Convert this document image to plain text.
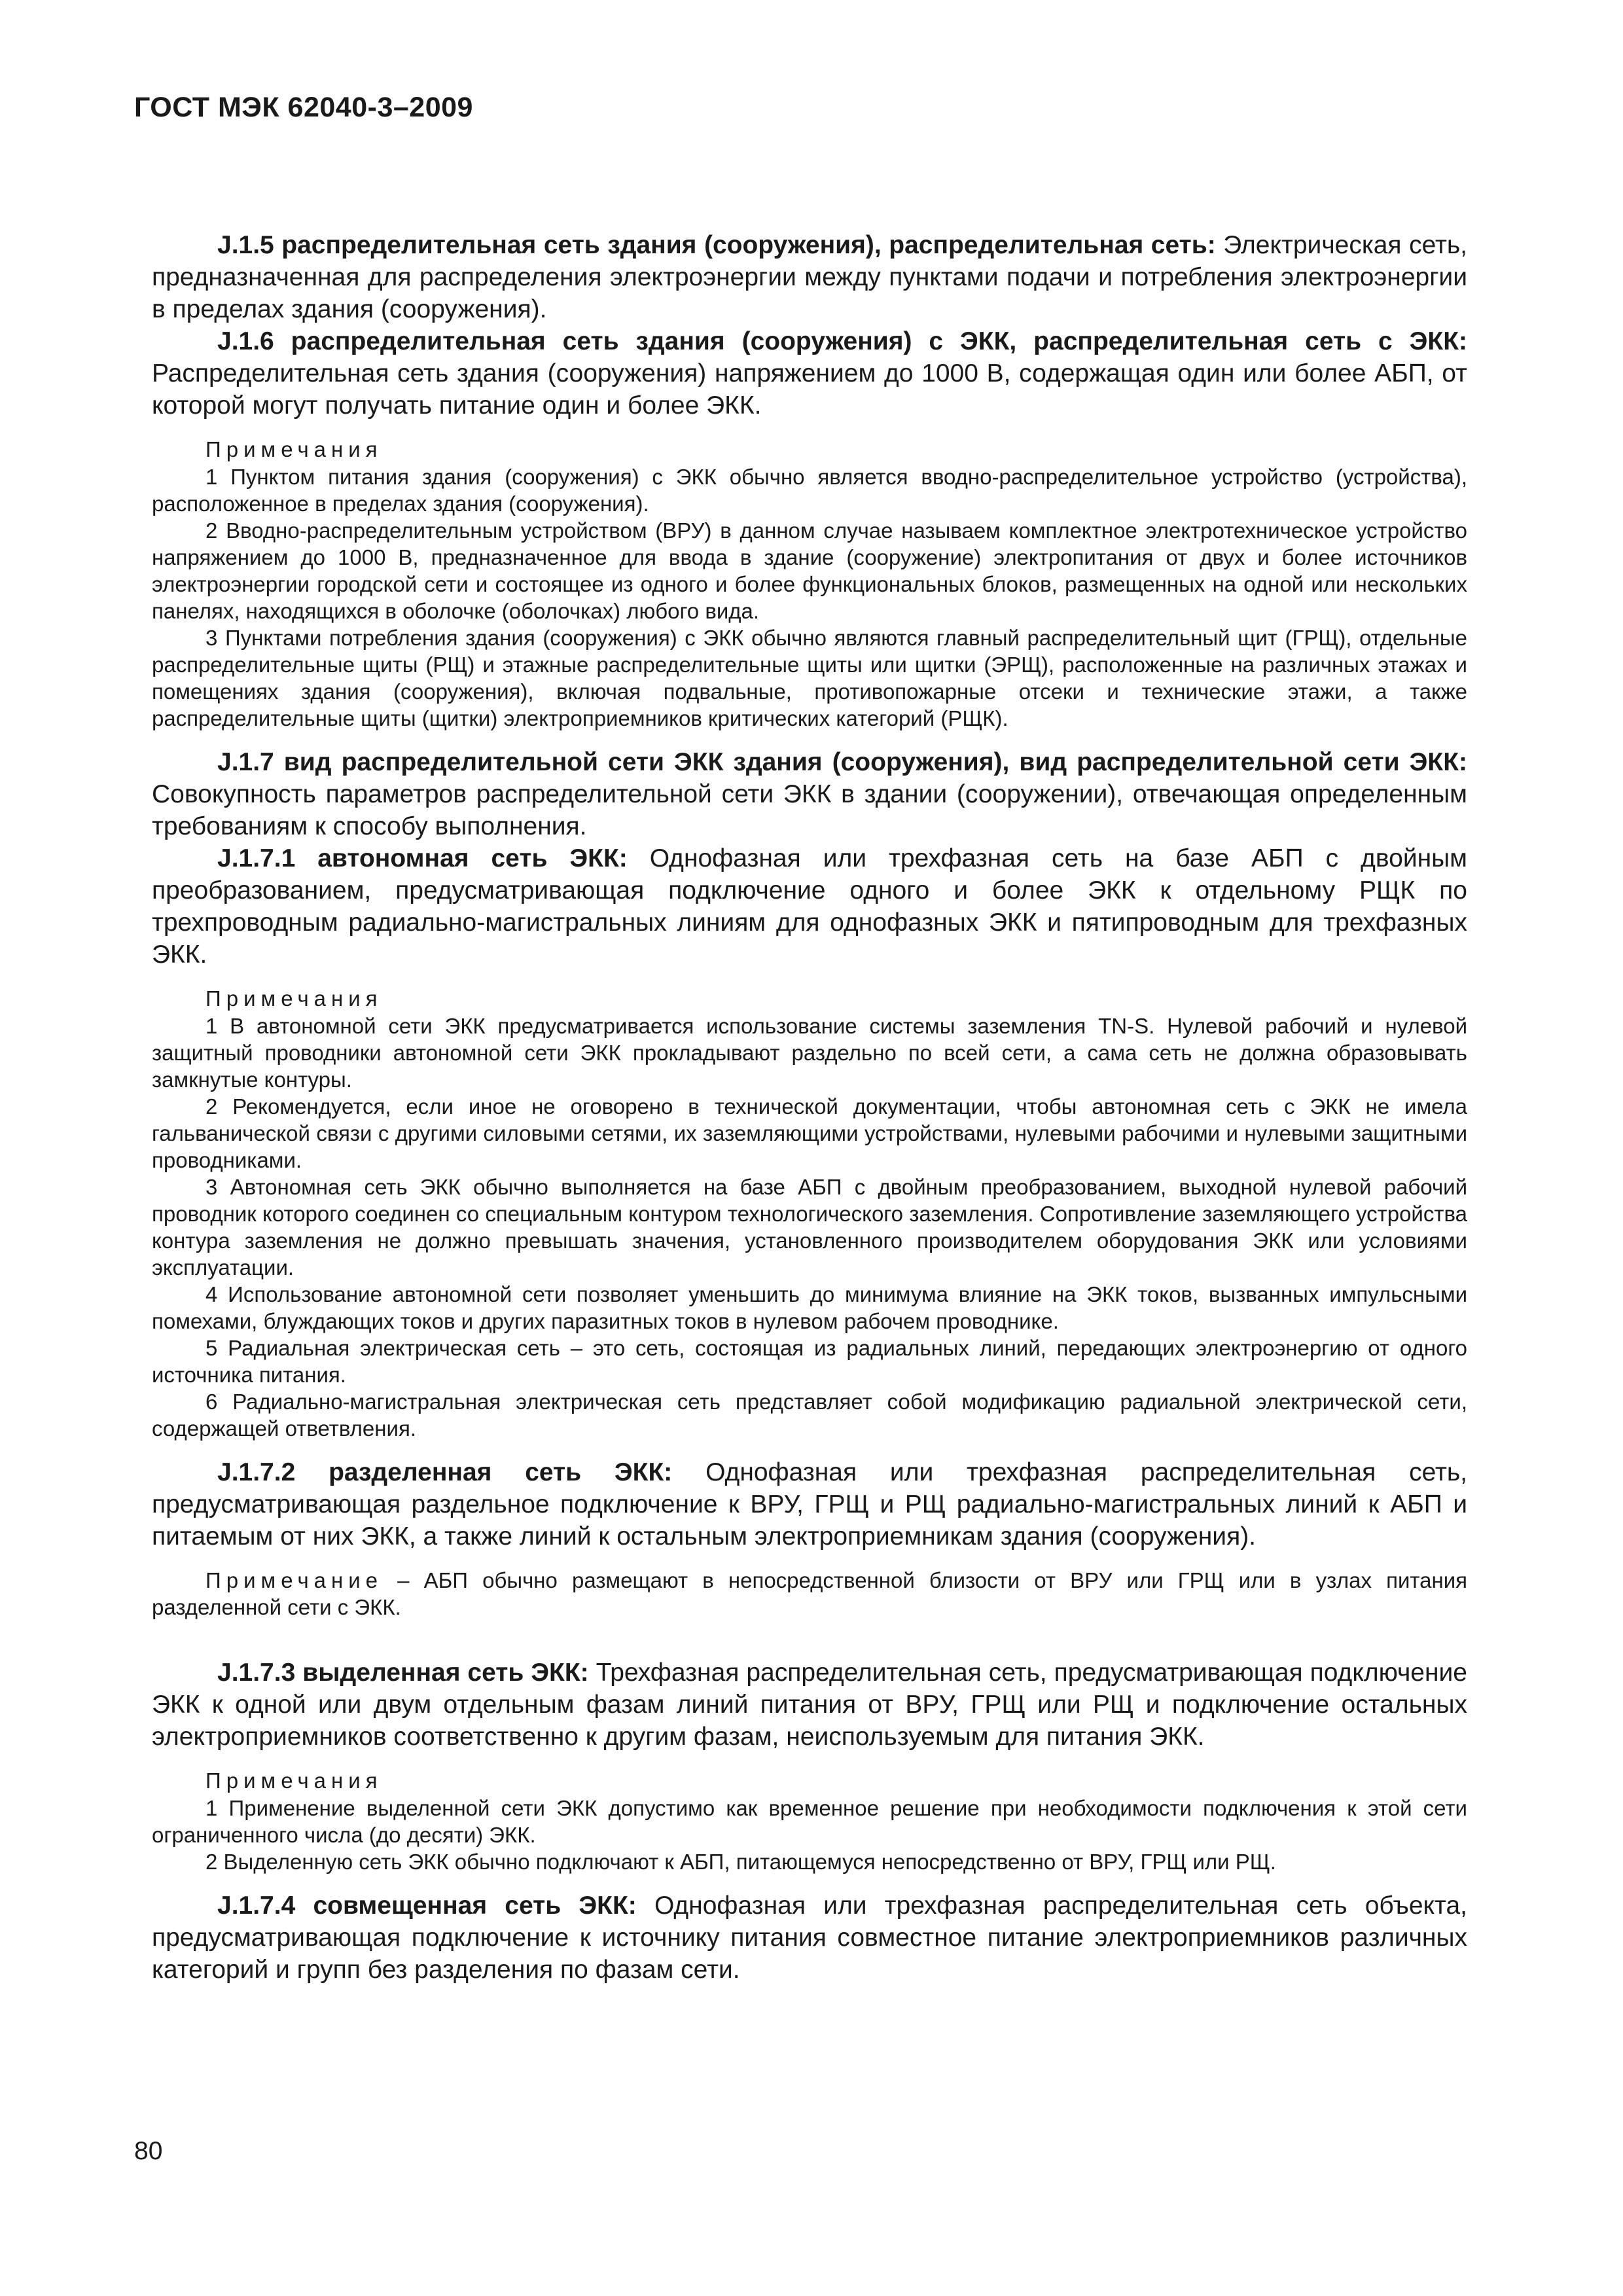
ГОСТ МЭК 62040-3–2009

J.1.5 распределительная сеть здания (сооружения), распределительная сеть: Электрическая сеть, предназначенная для распределения электроэнергии между пунктами подачи и потребления электроэнергии в пределах здания (сооружения).

J.1.6 распределительная сеть здания (сооружения) с ЭКК, распределительная сеть с ЭКК: Распределительная сеть здания (сооружения) напряжением до 1000 В, содержащая один или более АБП, от которой могут получать питание один и более ЭКК.

Примечания

1 Пунктом питания здания (сооружения) с ЭКК обычно является вводно-распределительное устройство (устройства), расположенное в пределах здания (сооружения).

2 Вводно-распределительным устройством (ВРУ) в данном случае называем комплектное электротехническое устройство напряжением до 1000 В, предназначенное для ввода в здание (сооружение) электропитания от двух и более источников электроэнергии городской сети и состоящее из одного и более функциональных блоков, размещенных на одной или нескольких панелях, находящихся в оболочке (оболочках) любого вида.

3 Пунктами потребления здания (сооружения) с ЭКК обычно являются главный распределительный щит (ГРЩ), отдельные распределительные щиты (РЩ) и этажные распределительные щиты или щитки (ЭРЩ), расположенные на различных этажах и помещениях здания (сооружения), включая подвальные, противопожарные отсеки и технические этажи, а также распределительные щиты (щитки) электроприемников критических категорий (РЩК).

J.1.7 вид распределительной сети ЭКК здания (сооружения), вид распределительной сети ЭКК: Совокупность параметров распределительной сети ЭКК в здании (сооружении), отвечающая определенным требованиям к способу выполнения.

J.1.7.1 автономная сеть ЭКК: Однофазная или трехфазная сеть на базе АБП с двойным преобразованием, предусматривающая подключение одного и более ЭКК к отдельному РЩК по трехпроводным радиально-магистральных линиям для однофазных ЭКК и пятипроводным для трехфазных ЭКК.

Примечания

1 В автономной сети ЭКК предусматривается использование системы заземления TN-S. Нулевой рабочий и нулевой защитный проводники автономной сети ЭКК прокладывают раздельно по всей сети, а сама сеть не должна образовывать замкнутые контуры.

2 Рекомендуется, если иное не оговорено в технической документации, чтобы автономная сеть с ЭКК не имела гальванической связи с другими силовыми сетями, их заземляющими устройствами, нулевыми рабочими и нулевыми защитными проводниками.

3 Автономная сеть ЭКК обычно выполняется на базе АБП с двойным преобразованием, выходной нулевой рабочий проводник которого соединен со специальным контуром технологического заземления. Сопротивление заземляющего устройства контура заземления не должно превышать значения, установленного производителем оборудования ЭКК или условиями эксплуатации.

4 Использование автономной сети позволяет уменьшить до минимума влияние на ЭКК токов, вызванных импульсными помехами, блуждающих токов и других паразитных токов в нулевом рабочем проводнике.

5 Радиальная электрическая сеть – это сеть, состоящая из радиальных линий, передающих электроэнергию от одного источника питания.

6 Радиально-магистральная электрическая сеть представляет собой модификацию радиальной электрической сети, содержащей ответвления.

J.1.7.2 разделенная сеть ЭКК: Однофазная или трехфазная распределительная сеть, предусматривающая раздельное подключение к ВРУ, ГРЩ и РЩ радиально-магистральных линий к АБП и питаемым от них ЭКК, а также линий к остальным электроприемникам здания (сооружения).

Примечание – АБП обычно размещают в непосредственной близости от ВРУ или ГРЩ или в узлах питания разделенной сети с ЭКК.

J.1.7.3 выделенная сеть ЭКК: Трехфазная распределительная сеть, предусматривающая подключение ЭКК к одной или двум отдельным фазам линий питания от ВРУ, ГРЩ или РЩ и подключение остальных электроприемников соответственно к другим фазам, неиспользуемым для питания ЭКК.

Примечания

1 Применение выделенной сети ЭКК допустимо как временное решение при необходимости подключения к этой сети ограниченного числа (до десяти) ЭКК.

2 Выделенную сеть ЭКК обычно подключают к АБП, питающемуся непосредственно от ВРУ, ГРЩ или РЩ.

J.1.7.4 совмещенная сеть ЭКК: Однофазная или трехфазная распределительная сеть объекта, предусматривающая подключение к источнику питания совместное питание электроприемников различных категорий и групп без разделения по фазам сети.

80
